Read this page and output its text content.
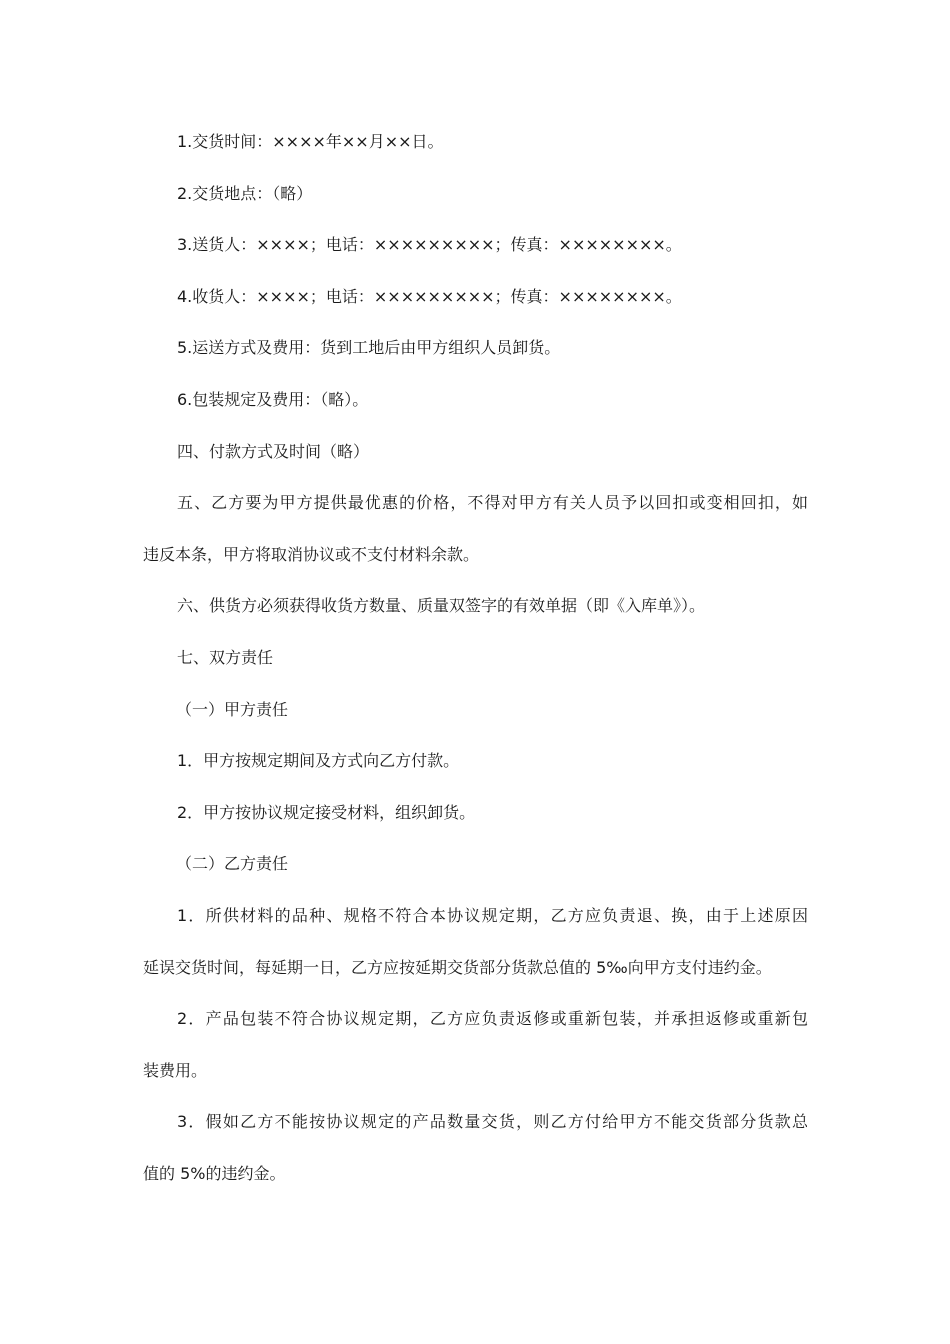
1.交货时间：××××年××月××日。
2.交货地点：（略）
3.送货人：××××；电话：×××××××××；传真：××××××××。
4.收货人：××××；电话：×××××××××；传真：××××××××。
5.运送方式及费用：货到工地后由甲方组织人员卸货。
6.包装规定及费用：（略）。
四、付款方式及时间（略）
五、乙方要为甲方提供最优惠的价格，不得对甲方有关人员予以回扣或变相回扣，如
违反本条，甲方将取消协议或不支付材料余款。
六、供货方必须获得收货方数量、质量双签字的有效单据（即《入库单》）。
七、双方责任
（一）甲方责任
1．甲方按规定期间及方式向乙方付款。
2．甲方按协议规定接受材料，组织卸货。
（二）乙方责任
1．所供材料的品种、规格不符合本协议规定期，乙方应负责退、换，由于上述原因
延误交货时间，每延期一日，乙方应按延期交货部分货款总值的 5‰向甲方支付违约金。
2．产品包装不符合协议规定期，乙方应负责返修或重新包装，并承担返修或重新包
装费用。
3．假如乙方不能按协议规定的产品数量交货，则乙方付给甲方不能交货部分货款总
值的 5%的违约金。
